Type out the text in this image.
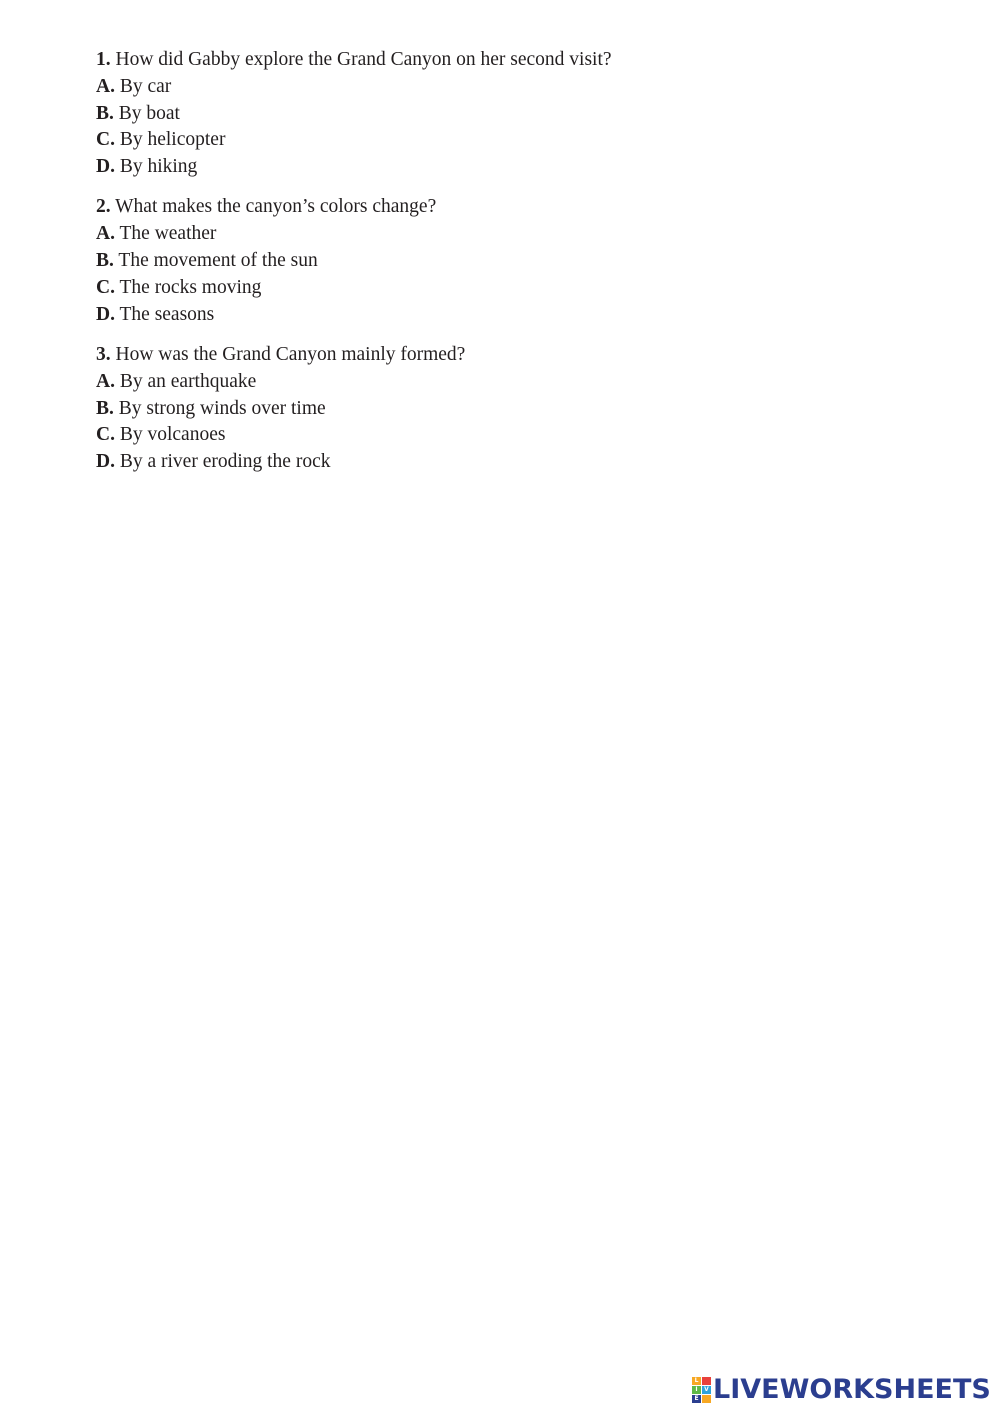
1. How did Gabby explore the Grand Canyon on her second visit?
A. By car
B. By boat
C. By helicopter
D. By hiking
2. What makes the canyon’s colors change?
A. The weather
B. The movement of the sun
C. The rocks moving
D. The seasons
3. How was the Grand Canyon mainly formed?
A. By an earthquake
B. By strong winds over time
C. By volcanoes
D. By a river eroding the rock
L
I	V
E LIVEWORKSHEETS
